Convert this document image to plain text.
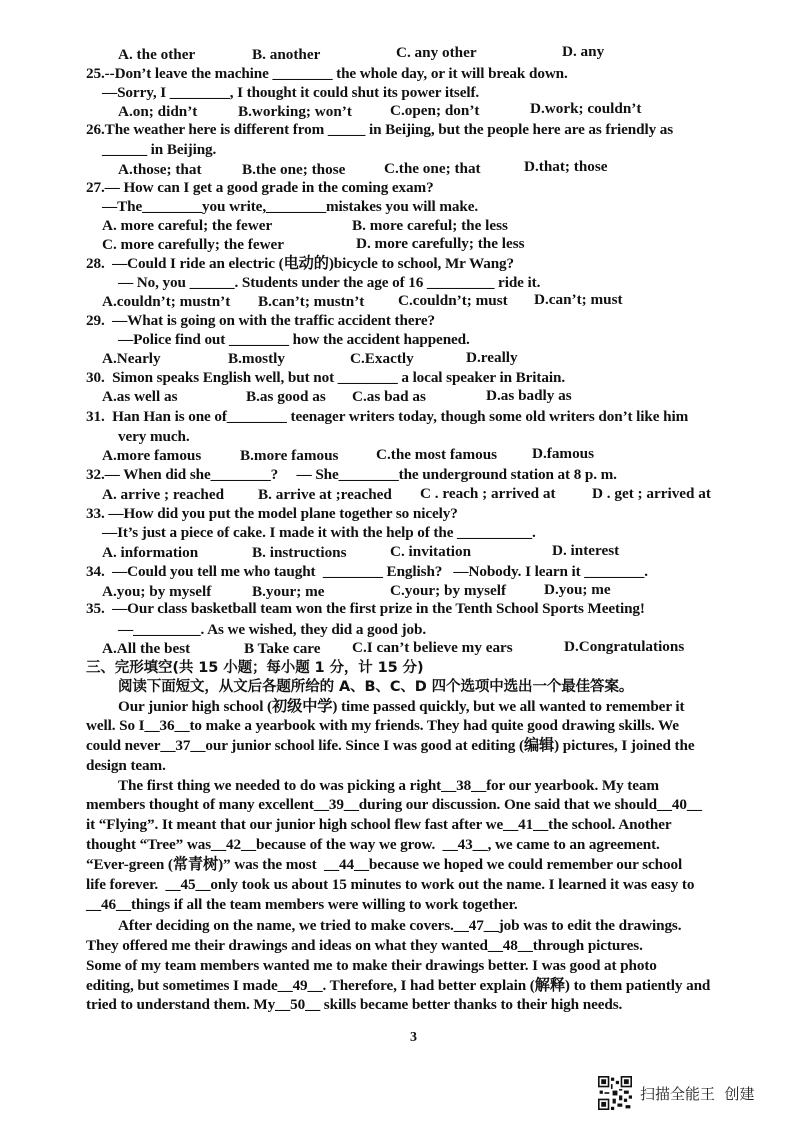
A. the other	B. another	C. any other	D. any
25.--Don’t leave the machine ________ the whole day, or it will break down.
—Sorry, I ________, I thought it could shut its power itself.
A.on; didn’t	B.working; won’t	C.open; don’t	D.work; couldn’t
26.The weather here is different from _____ in Beijing, but the people here are as friendly as
______ in Beijing.
A.those; that	B.the one; those	C.the one; that	D.that; those
27.— How can I get a good grade in the coming exam?
—The________you write,________mistakes you will make.
A. more careful; the fewer	B. more careful; the less
C. more carefully; the fewer	D. more carefully; the less
28.  —Could I ride an electric (电动的)bicycle to school, Mr Wang?
— No, you ______. Students under the age of 16 _________ ride it.
A.couldn’t; mustn’t B.can’t; mustn’t C.couldn’t; must D.can’t; must
29.  —What is going on with the traffic accident there?
—Police find out ________ how the accident happened.
A.Nearly	B.mostly	C.Exactly	D.really
30.  Simon speaks English well, but not ________ a local speaker in Britain.
A.as well as	B.as good as C.as bad as	D.as badly as
31.  Han Han is one of________ teenager writers today, though some old writers don’t like him
very much.
A.more famous	B.more famous C.the most famous D.famous
32.— When did she________?     — She________the underground station at 8 p. m.
A. arrive ; reached B. arrive at ;reached C . reach ; arrived at D . get ; arrived at
33. —How did you put the model plane together so nicely?
—It’s just a piece of cake. I made it with the help of the __________.
A. information	B. instructions	C. invitation	D. interest
34.  —Could you tell me who taught  ________ English?   —Nobody. I learn it ________.
A.you; by myself	B.your; me	C.your; by myself D.you; me
35.  —Our class basketball team won the first prize in the Tenth School Sports Meeting!
—_________. As we wished, they did a good job.
A.All the best	B Take care C.I can’t believe my ears	D.Congratulations
三、完形填空(共 15 小题；每小题 1 分，计 15 分)
阅读下面短文，从文后各题所给的 A、B、C、D 四个选项中选出一个最佳答案。
Our junior high school (初级中学) time passed quickly, but we all wanted to remember it
well. So I__36__to make a yearbook with my friends. They had quite good drawing skills. We
could never__37__our junior school life. Since I was good at editing (编辑) pictures, I joined the
design team.
The first thing we needed to do was picking a right__38__for our yearbook. My team
members thought of many excellent__39__during our discussion. One said that we should__40__
it “Flying”. It meant that our junior high school flew fast after we__41__the school. Another
thought “Tree” was__42__because of the way we grow.  __43__, we came to an agreement.
“Ever-green (常青树)” was the most  __44__because we hoped we could remember our school
life forever.  __45__only took us about 15 minutes to work out the name. I learned it was easy to
__46__things if all the team members were willing to work together.
After deciding on the name, we tried to make covers.__47__job was to edit the drawings.
They offered me their drawings and ideas on what they wanted__48__through pictures.
Some of my team members wanted me to make their drawings better. I was good at photo
editing, but sometimes I made__49__. Therefore, I had better explain (解释) to them patiently and
tried to understand them. My__50__ skills became better thanks to their high needs.
3
扫描全能王  创建
